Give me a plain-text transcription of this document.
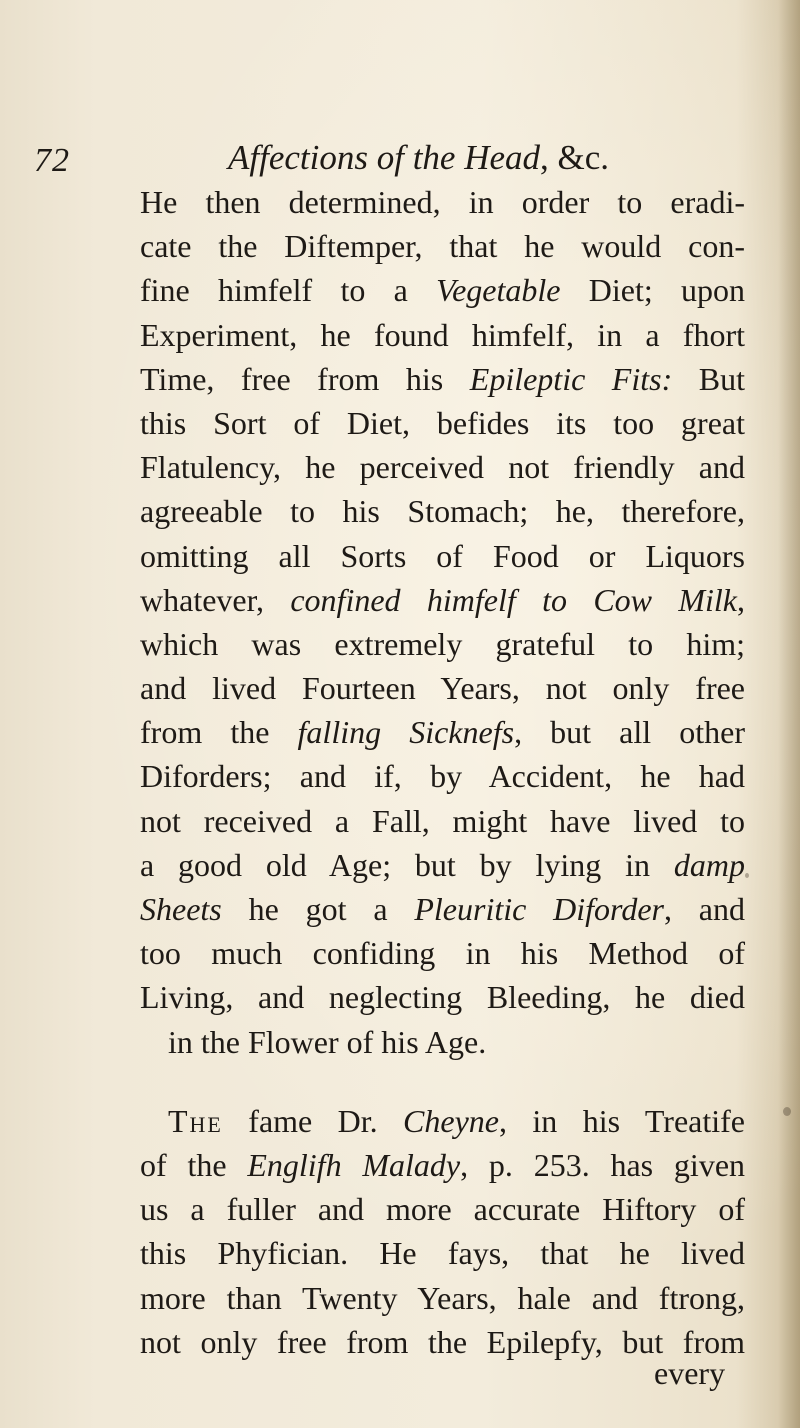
72	Affections of the Head, &c.
He then determined, in order to eradi-
cate the Diftemper, that he would con-
fine himfelf to a Vegetable Diet; upon
Experiment, he found himfelf, in a fhort
Time, free from his Epileptic Fits: But
this Sort of Diet, befides its too great
Flatulency, he perceived not friendly and
agreeable to his Stomach; he, therefore,
omitting all Sorts of Food or Liquors
whatever, confined himfelf to Cow Milk,
which was extremely grateful to him;
and lived Fourteen Years, not only free
from the falling Sicknefs, but all other
Diforders; and if, by Accident, he had
not received a Fall, might have lived to
a good old Age; but by lying in damp
Sheets he got a Pleuritic Diforder, and
too much confiding in his Method of
Living, and neglecting Bleeding, he died
in the Flower of his Age.
The fame Dr. Cheyne, in his Treatife
of the Englifh Malady, p. 253. has given
us a fuller and more accurate Hiftory of
this Phyfician. He fays, that he lived
more than Twenty Years, hale and ftrong,
not only free from the Epilepfy, but from
every
